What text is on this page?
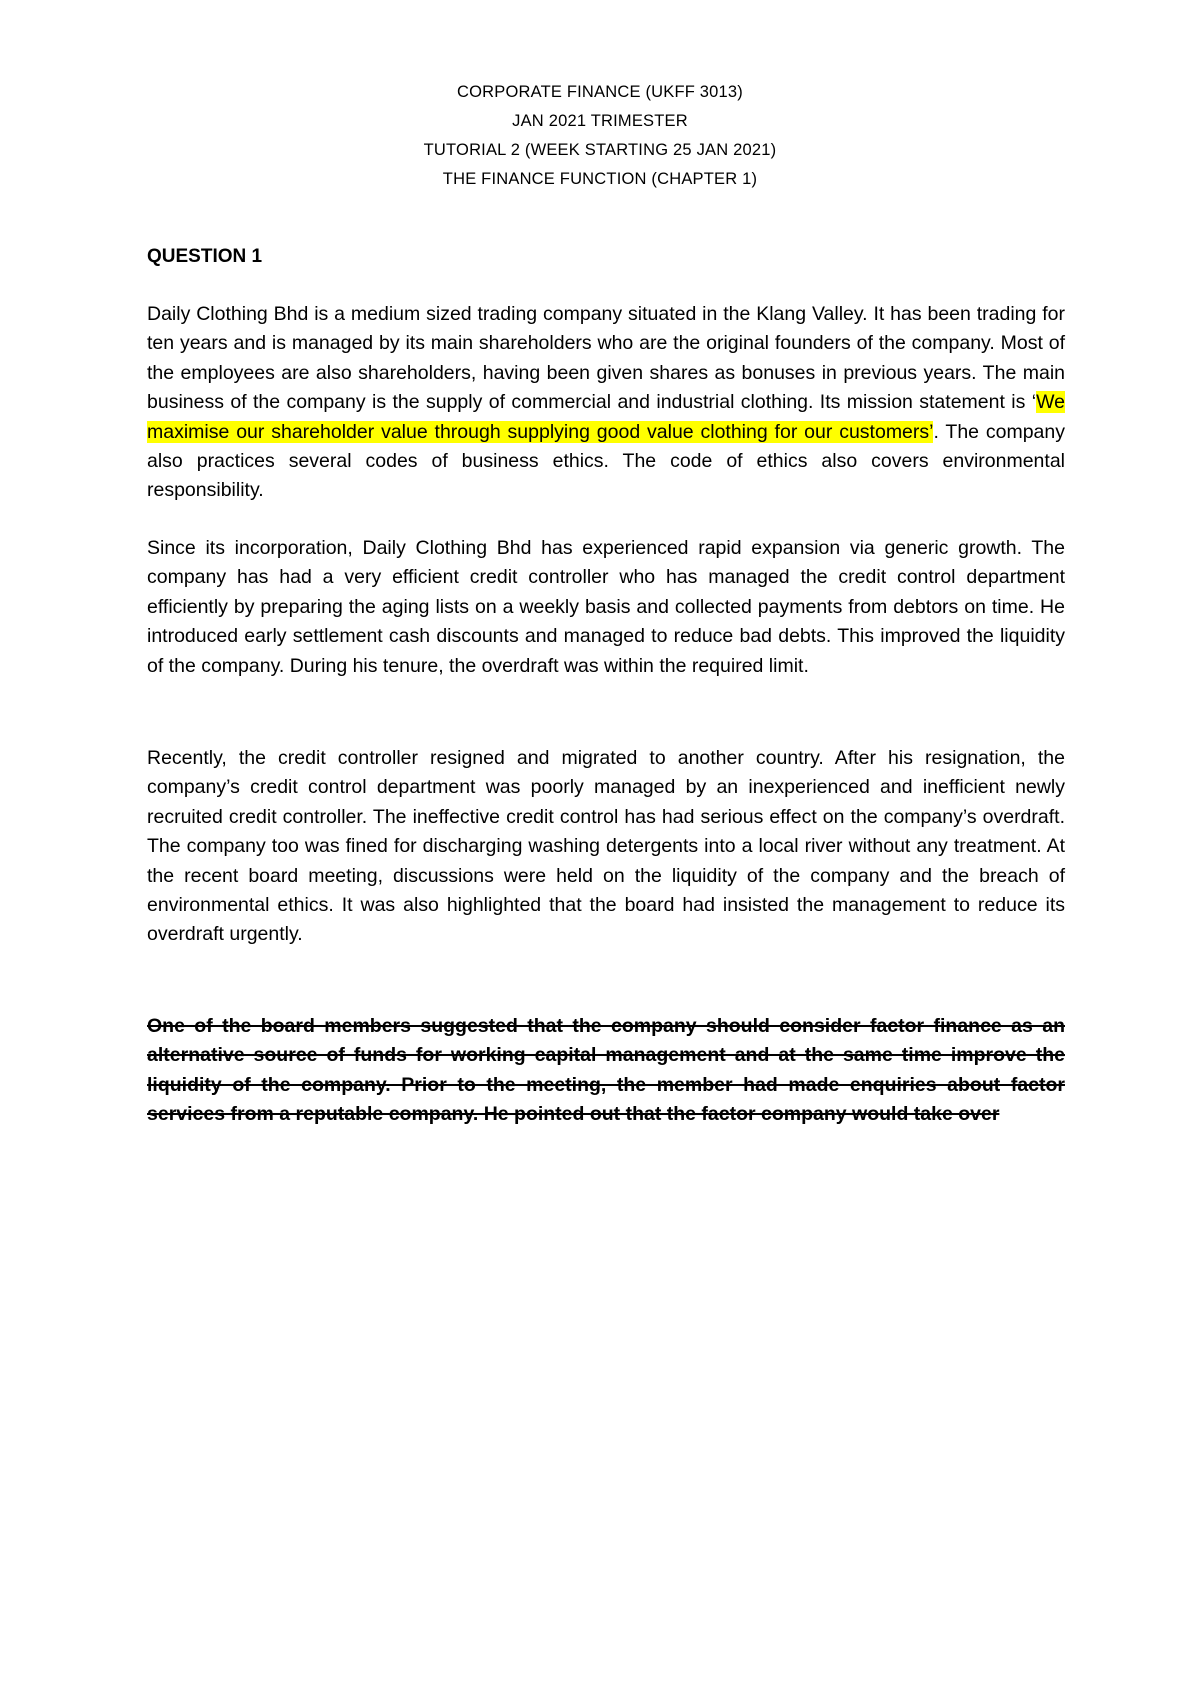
CORPORATE FINANCE (UKFF 3013)
JAN 2021 TRIMESTER
TUTORIAL 2 (WEEK STARTING 25 JAN 2021)
THE FINANCE FUNCTION (CHAPTER 1)
QUESTION 1

Daily Clothing Bhd is a medium sized trading company situated in the Klang Valley. It has been trading for ten years and is managed by its main shareholders who are the original founders of the company. Most of the employees are also shareholders, having been given shares as bonuses in previous years. The main business of the company is the supply of commercial and industrial clothing. Its mission statement is ‘We maximise our shareholder value through supplying good value clothing for our customers’. The company also practices several codes of business ethics. The code of ethics also covers environmental responsibility.

Since its incorporation, Daily Clothing Bhd has experienced rapid expansion via generic growth. The company has had a very efficient credit controller who has managed the credit control department efficiently by preparing the aging lists on a weekly basis and collected payments from debtors on time. He introduced early settlement cash discounts and managed to reduce bad debts. This improved the liquidity of the company. During his tenure, the overdraft was within the required limit.

Recently, the credit controller resigned and migrated to another country. After his resignation, the company’s credit control department was poorly managed by an inexperienced and inefficient newly recruited credit controller. The ineffective credit control has had serious effect on the company’s overdraft. The company too was fined for discharging washing detergents into a local river without any treatment. At the recent board meeting, discussions were held on the liquidity of the company and the breach of environmental ethics. It was also highlighted that the board had insisted the management to reduce its overdraft urgently.

One of the board members suggested that the company should consider factor finance as an alternative source of funds for working capital management and at the same time improve the liquidity of the company. Prior to the meeting, the member had made enquiries about factor services from a reputable company. He pointed out that the factor company would take over
